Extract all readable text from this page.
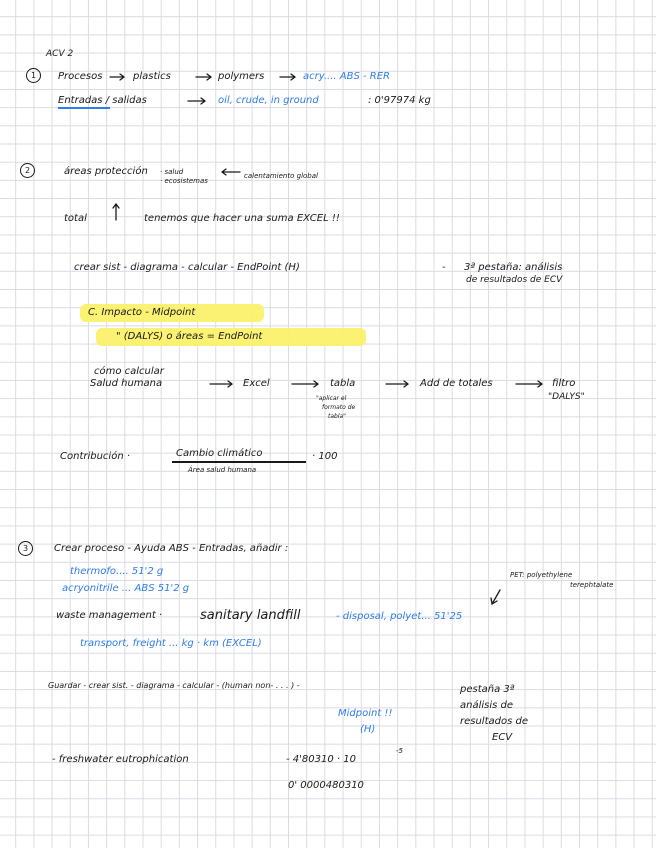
ACV 2
1	Procesos	plastics	polymers	acry.... ABS - RER
Entradas / salidas	oil, crude, in ground	: 0'97974 kg
2	áreas protección · salud
· ecosistemas
calentamiento global
total	tenemos que hacer una suma EXCEL !!
crear sist - diagrama - calcular - EndPoint (H)	- 3ª pestaña: análisis
de resultados de ECV
C. Impacto - Midpoint
" (DALYS) o áreas = EndPoint
cómo calcular
Salud humana	Excel	tabla	Add de totales	filtro
"DALYS"
"aplicar el
formato de
tabla"
Contribución ·	Cambio climático
Área salud humana
· 100
3	Crear proceso - Ayuda ABS - Entradas, añadir :
thermofo.... 51'2 g
acryonitrile ... ABS 51'2 g
PET: polyethylene
terephtalate
waste management ·	sanitary landfill	- disposal, polyet... 51'25
transport, freight ... kg · km (EXCEL)
Guardar - crear sist. - diagrama - calcular - (human non- . . . ) -	pestaña 3ª
análisis de
resultados de
ECV
Midpoint !!
(H)
- freshwater eutrophication	- 4'80310 · 10
-5
0' 0000480310
